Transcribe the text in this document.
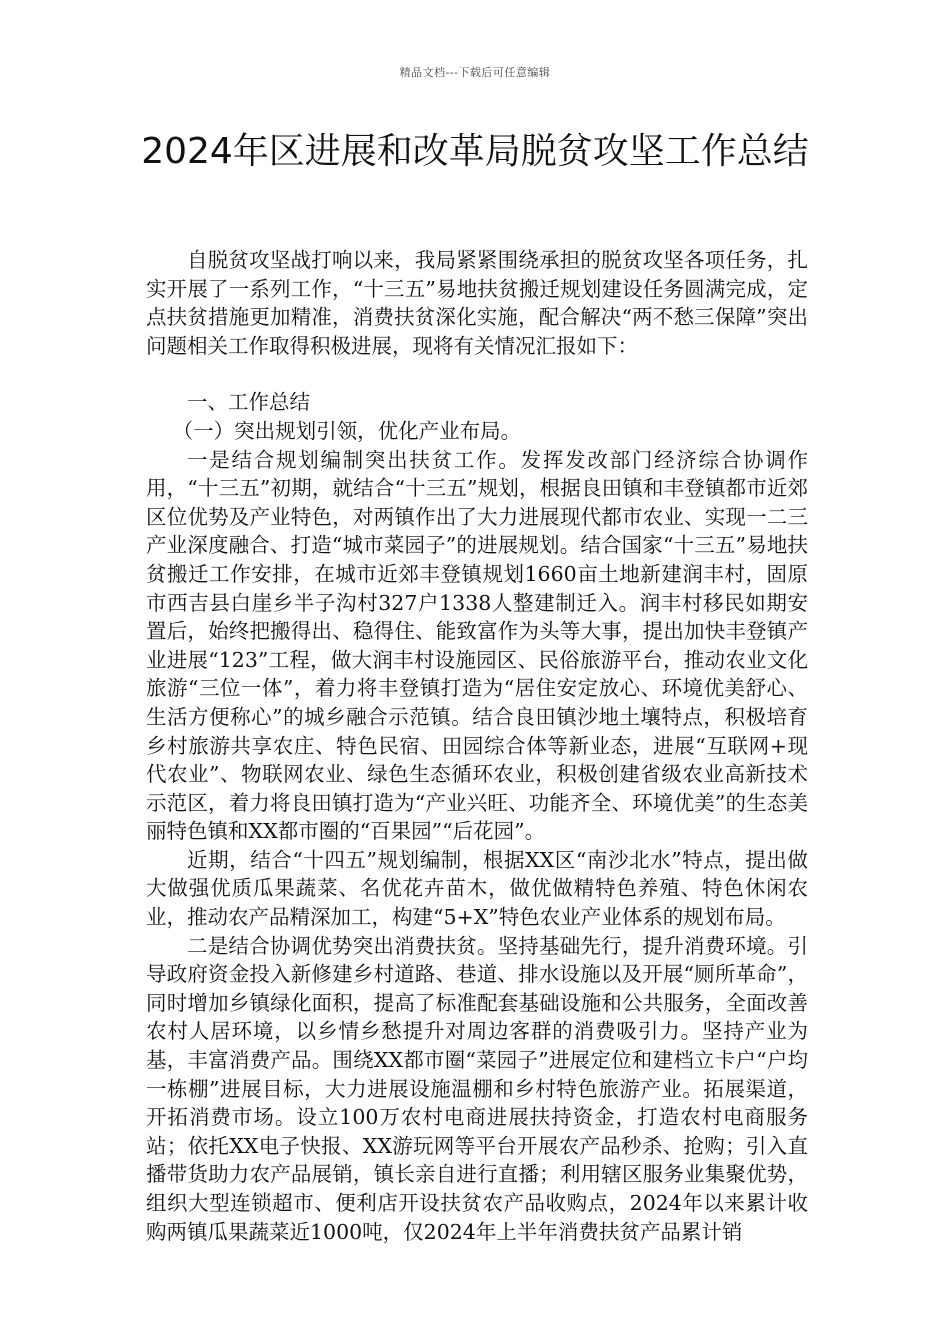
精品文档---下载后可任意编辑
2024年区进展和改革局脱贫攻坚工作总结

自脱贫攻坚战打响以来，我局紧紧围绕承担的脱贫攻坚各项任务，扎实开展了一系列工作，“十三五”易地扶贫搬迁规划建设任务圆满完成，定点扶贫措施更加精准，消费扶贫深化实施，配合解决“两不愁三保障”突出问题相关工作取得积极进展，现将有关情况汇报如下：

一、工作总结

（一）突出规划引领，优化产业布局。

一是结合规划编制突出扶贫工作。发挥发改部门经济综合协调作用，“十三五”初期，就结合“十三五”规划，根据良田镇和丰登镇都市近郊区位优势及产业特色，对两镇作出了大力进展现代都市农业、实现一二三产业深度融合、打造“城市菜园子”的进展规划。结合国家“十三五”易地扶贫搬迁工作安排，在城市近郊丰登镇规划1660亩土地新建润丰村，固原市西吉县白崖乡半子沟村327户1338人整建制迁入。润丰村移民如期安置后，始终把搬得出、稳得住、能致富作为头等大事，提出加快丰登镇产业进展“123”工程，做大润丰村设施园区、民俗旅游平台，推动农业文化旅游“三位一体”，着力将丰登镇打造为“居住安定放心、环境优美舒心、生活方便称心”的城乡融合示范镇。结合良田镇沙地土壤特点，积极培育乡村旅游共享农庄、特色民宿、田园综合体等新业态，进展“互联网+现代农业”、物联网农业、绿色生态循环农业，积极创建省级农业高新技术示范区，着力将良田镇打造为“产业兴旺、功能齐全、环境优美”的生态美丽特色镇和XX都市圈的“百果园”“后花园”。

近期，结合“十四五”规划编制，根据XX区“南沙北水”特点，提出做大做强优质瓜果蔬菜、名优花卉苗木，做优做精特色养殖、特色休闲农业，推动农产品精深加工，构建“5+X”特色农业产业体系的规划布局。

二是结合协调优势突出消费扶贫。坚持基础先行，提升消费环境。引导政府资金投入新修建乡村道路、巷道、排水设施以及开展“厕所革命”，同时增加乡镇绿化面积，提高了标准配套基础设施和公共服务，全面改善农村人居环境，以乡情乡愁提升对周边客群的消费吸引力。坚持产业为基，丰富消费产品。围绕XX都市圈“菜园子”进展定位和建档立卡户“户均一栋棚”进展目标，大力进展设施温棚和乡村特色旅游产业。拓展渠道，开拓消费市场。设立100万农村电商进展扶持资金，打造农村电商服务站；依托XX电子快报、XX游玩网等平台开展农产品秒杀、抢购；引入直播带货助力农产品展销，镇长亲自进行直播；利用辖区服务业集聚优势，组织大型连锁超市、便利店开设扶贫农产品收购点，2024年以来累计收购两镇瓜果蔬菜近1000吨，仅2024年上半年消费扶贫产品累计销
